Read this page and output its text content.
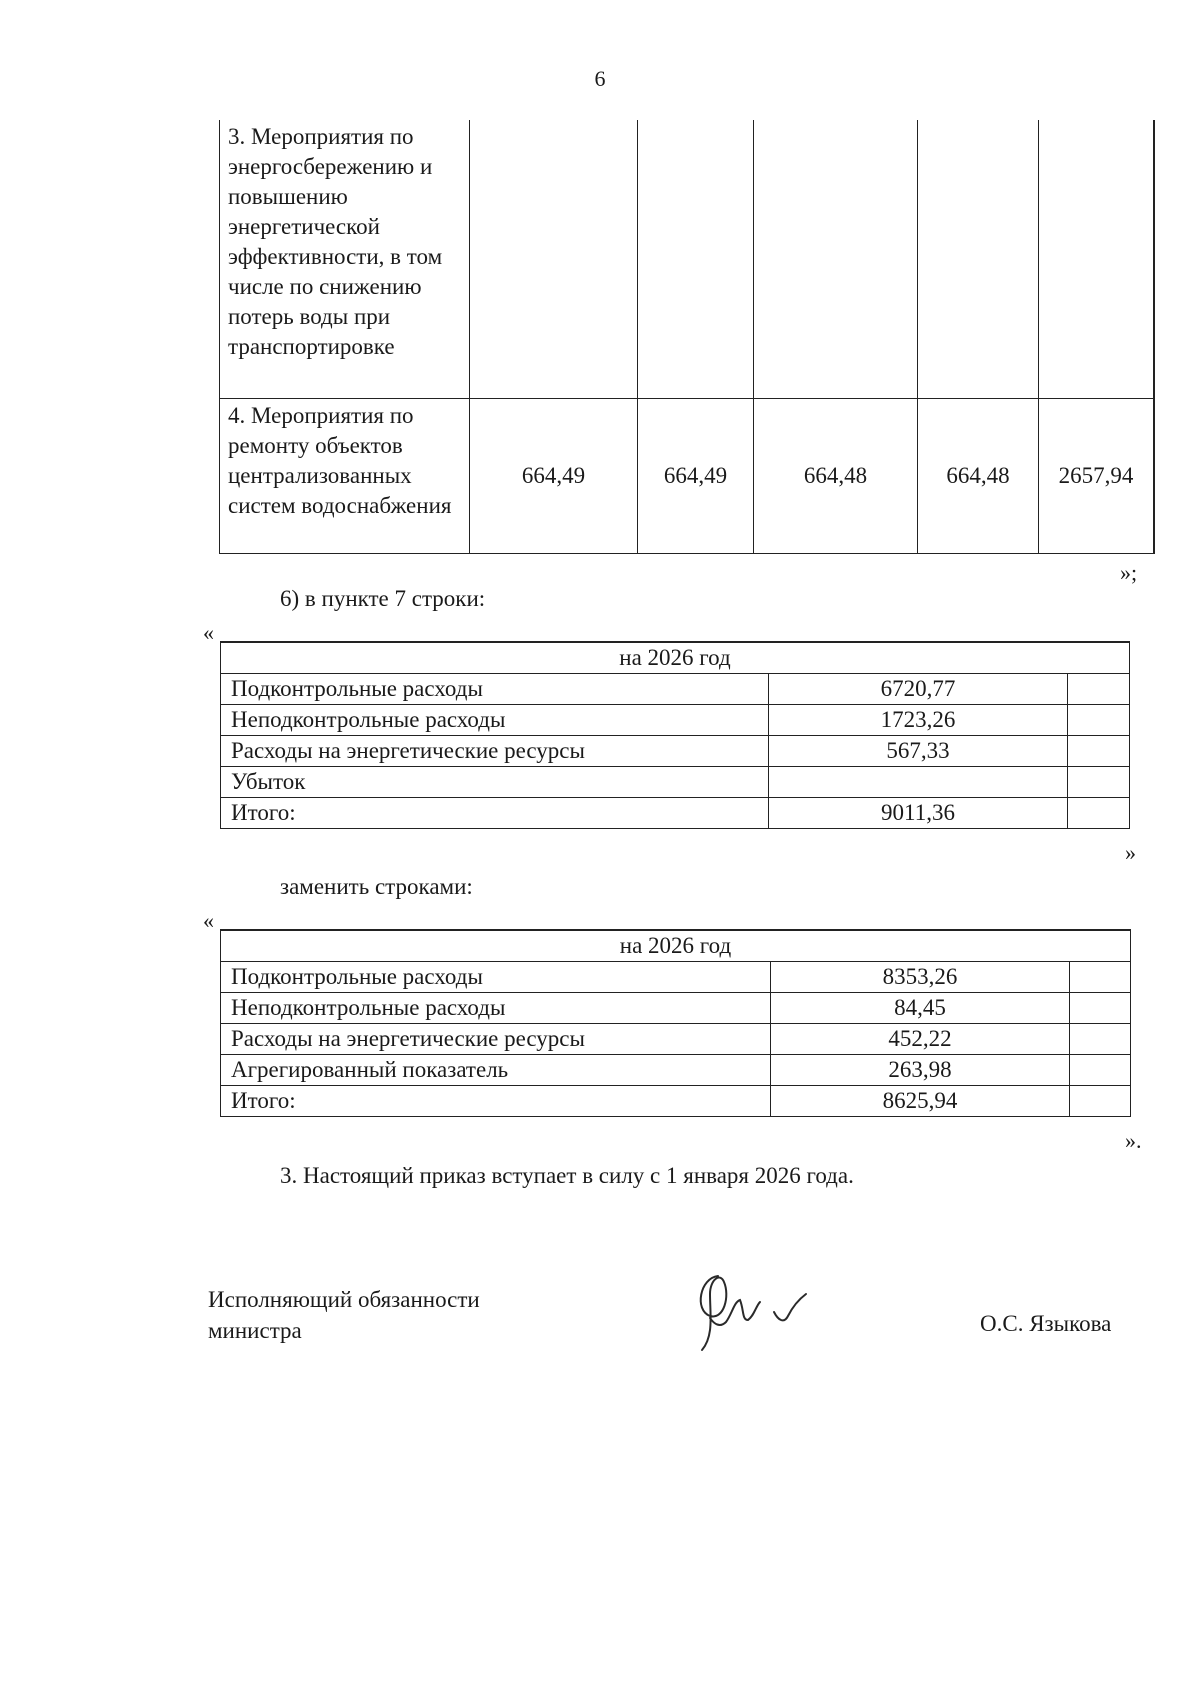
6
3. Мероприятия по энергосбережению и повышению энергетической эффективности, в том числе по снижению потерь воды при транспортировке					
4. Мероприятия по ремонту объектов централизованных систем водоснабжения	664,49	664,49	664,48	664,48	2657,94
»;
6) в пункте 7 строки:
«
на 2026 год		
Подконтрольные расходы	6720,77	
Неподконтрольные расходы	1723,26	
Расходы на энергетические ресурсы	567,33	
Убыток		
Итого:	9011,36	
»
заменить строками:
«
на 2026 год		
Подконтрольные расходы	8353,26	
Неподконтрольные расходы	84,45	
Расходы на энергетические ресурсы	452,22	
Агрегированный показатель	263,98	
Итого:	8625,94	
».
3. Настоящий приказ вступает в силу с 1 января 2026 года.
Исполняющий обязанности
министра	О.С. Языкова
